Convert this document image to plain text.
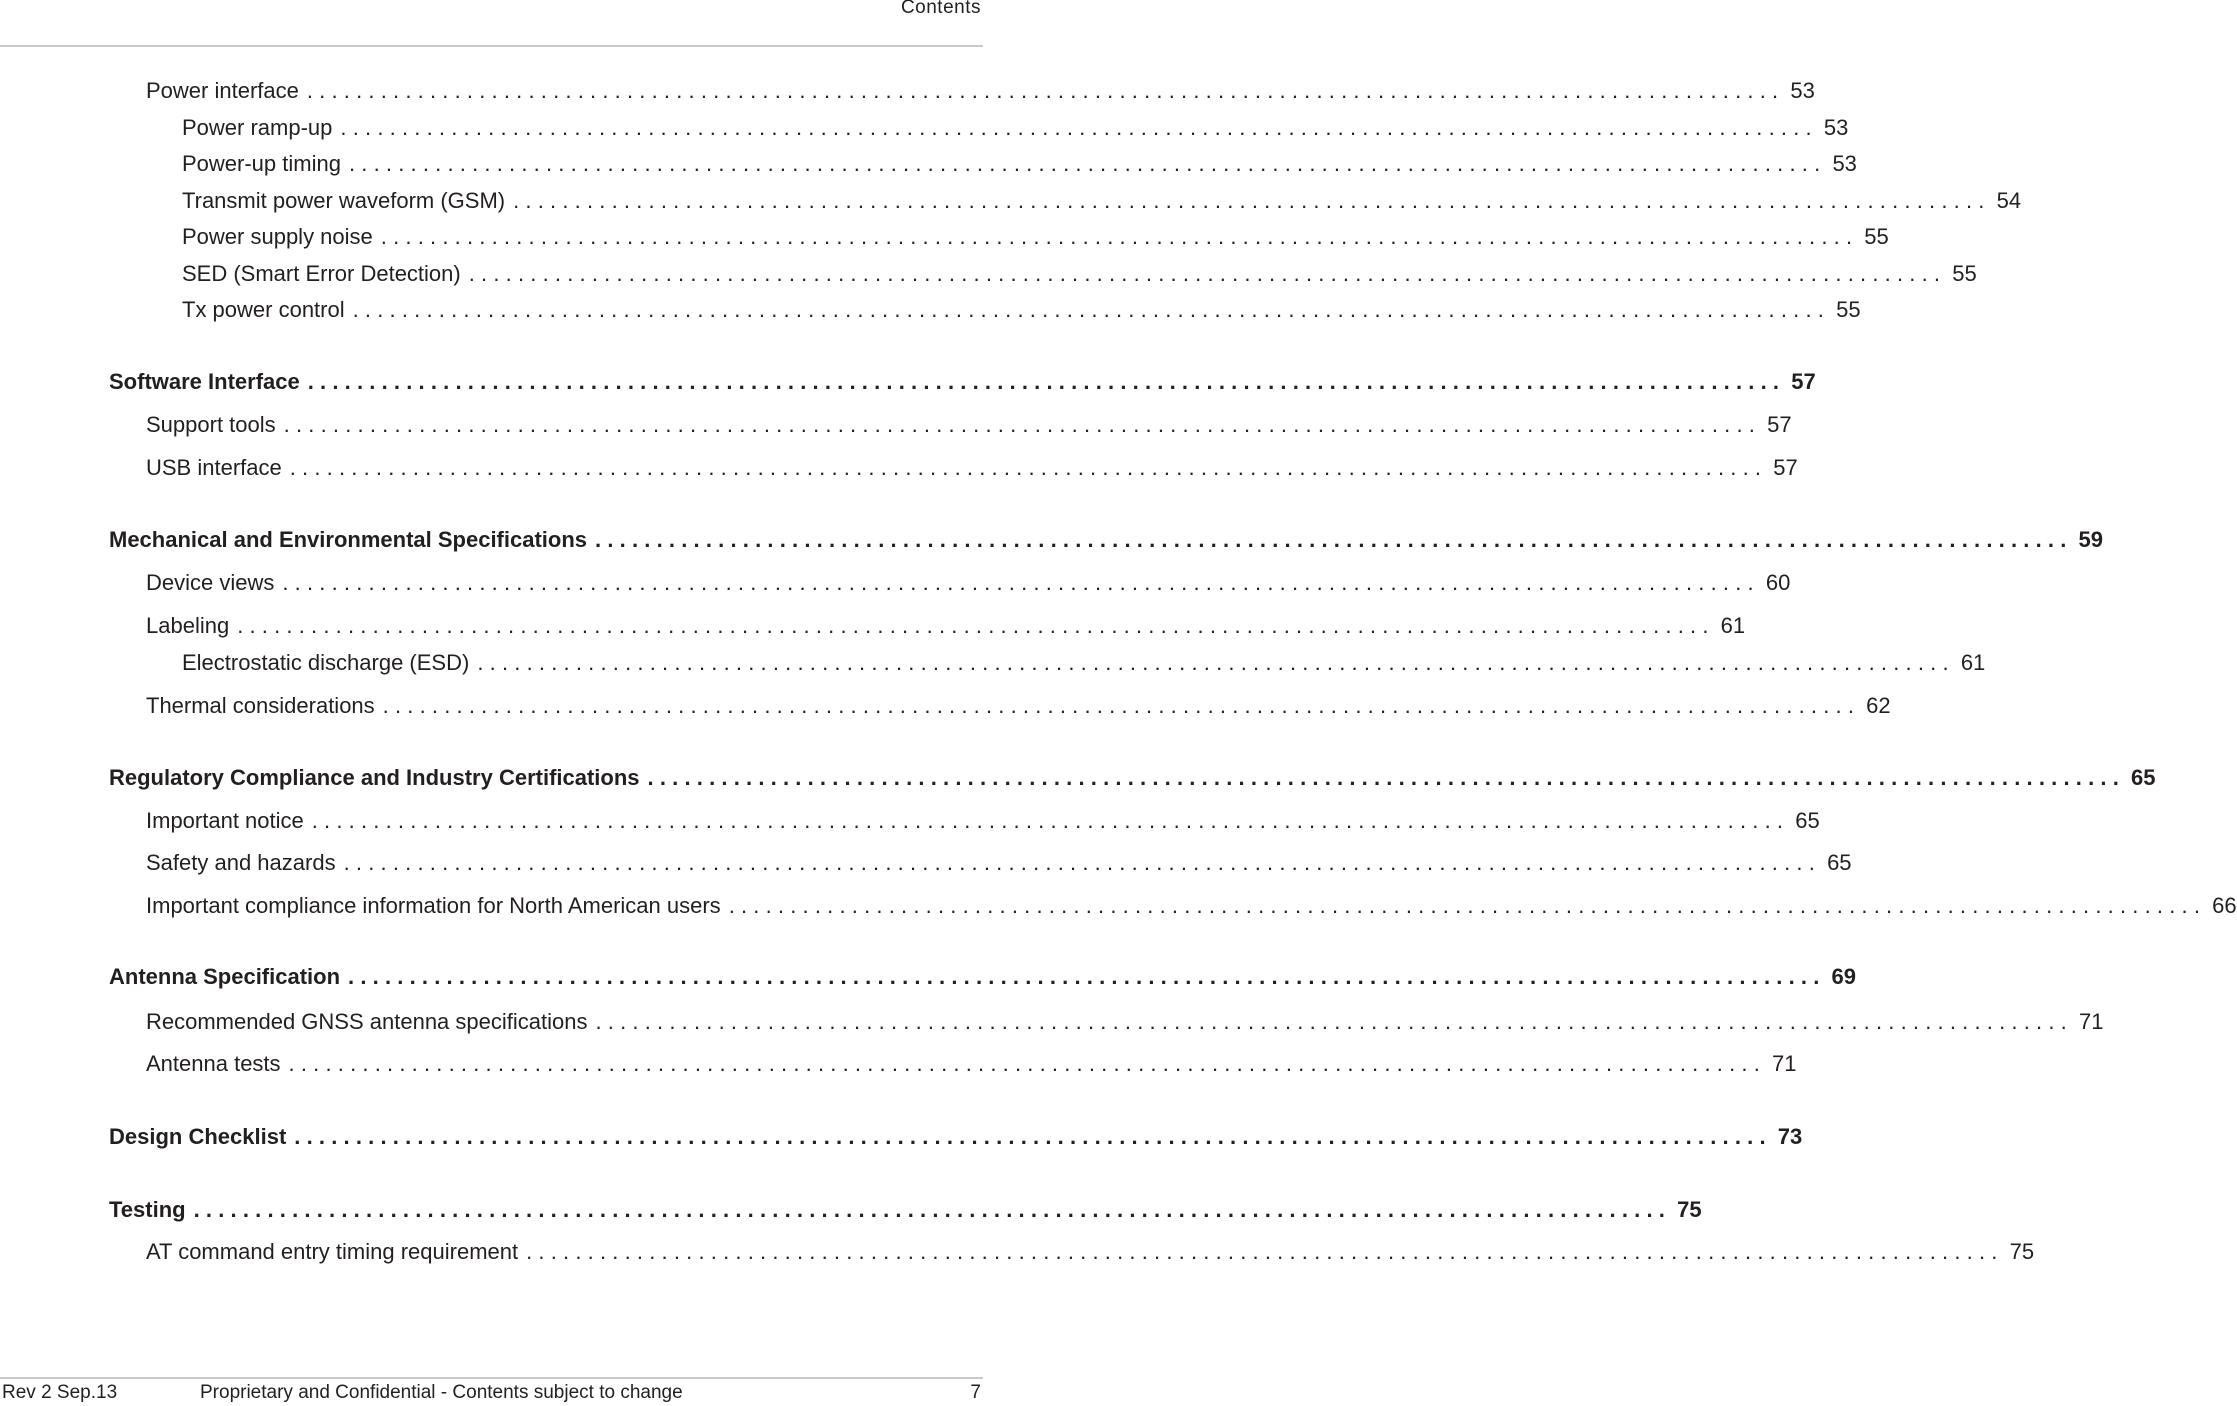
Contents
Power interface ........................................................................................................................ 53
Power ramp-up ........................................................................................................................ 53
Power-up timing ........................................................................................................................ 53
Transmit power waveform (GSM) ........................................................................................................................ 54
Power supply noise ........................................................................................................................ 55
SED (Smart Error Detection) ........................................................................................................................ 55
Tx power control ........................................................................................................................ 55
Software Interface ........................................................................................................................ 57
Support tools ........................................................................................................................ 57
USB interface ........................................................................................................................ 57
Mechanical and Environmental Specifications ........................................................................................................................ 59
Device views ........................................................................................................................ 60
Labeling ........................................................................................................................ 61
Electrostatic discharge (ESD) ........................................................................................................................ 61
Thermal considerations ........................................................................................................................ 62
Regulatory Compliance and Industry Certifications ........................................................................................................................ 65
Important notice ........................................................................................................................ 65
Safety and hazards ........................................................................................................................ 65
Important compliance information for North American users ........................................................................................................................ 66
Antenna Specification ........................................................................................................................ 69
Recommended GNSS antenna specifications ........................................................................................................................ 71
Antenna tests ........................................................................................................................ 71
Design Checklist ........................................................................................................................ 73
Testing ........................................................................................................................ 75
AT command entry timing requirement ........................................................................................................................ 75
Rev 2 Sep.13	Proprietary and Confidential - Contents subject to change	7
